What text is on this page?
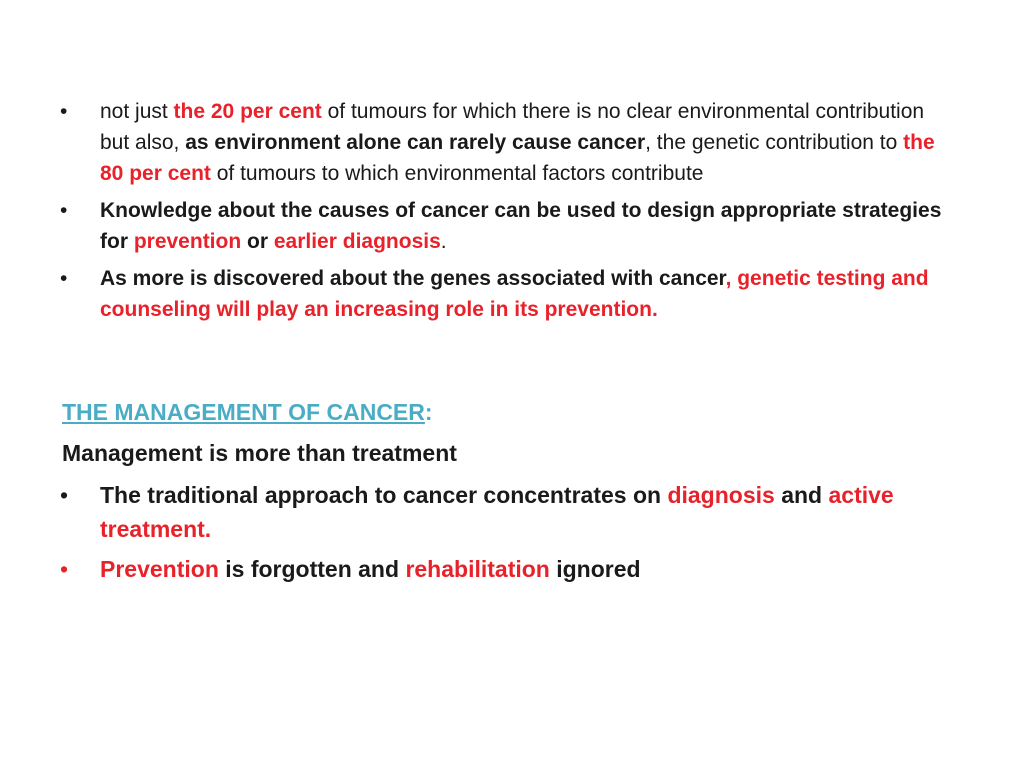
• not just the 20 per cent of tumours for which there is no clear environmental contribution but also, as environment alone can rarely cause cancer, the genetic contribution to the 80 per cent of tumours to which environmental factors contribute
• Knowledge about the causes of cancer can be used to design appropriate strategies for prevention or earlier diagnosis.
• As more is discovered about the genes associated with cancer, genetic testing and counseling will play an increasing role in its prevention.
THE MANAGEMENT OF CANCER:
Management is more than treatment
• The traditional approach to cancer concentrates on diagnosis and active treatment.
• Prevention is forgotten and rehabilitation ignored
